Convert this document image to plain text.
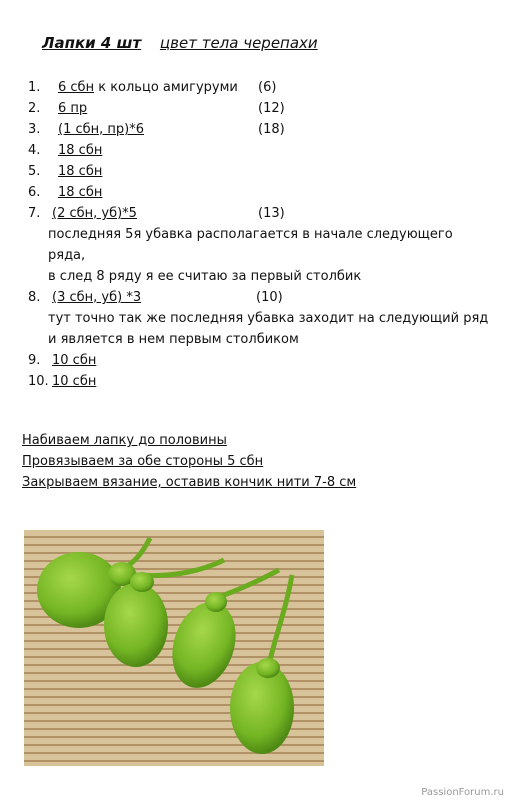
Лапки 4 шт цвет тела черепахи
1.	6 сбн к кольцо амигуруми (6)
2.	6 пр	(12)
3.	(1 сбн, пр)*6	(18)
4.	18 сбн
5.	18 сбн
6.	18 сбн
7. (2 сбн, уб)*5	(13)
последняя 5я убавка располагается в начале следующего
ряда,
в след 8 ряду я ее считаю за первый столбик
8. (3 сбн, уб) *3	(10)
тут точно так же последняя убавка заходит на следующий ряд
и является в нем первым столбиком
9. 10 сбн
10. 10 сбн
Набиваем лапку до половины
Провязываем за обе стороны 5 сбн
Закрываем вязание, оставив кончик нити 7-8 см
PassionForum.ru
